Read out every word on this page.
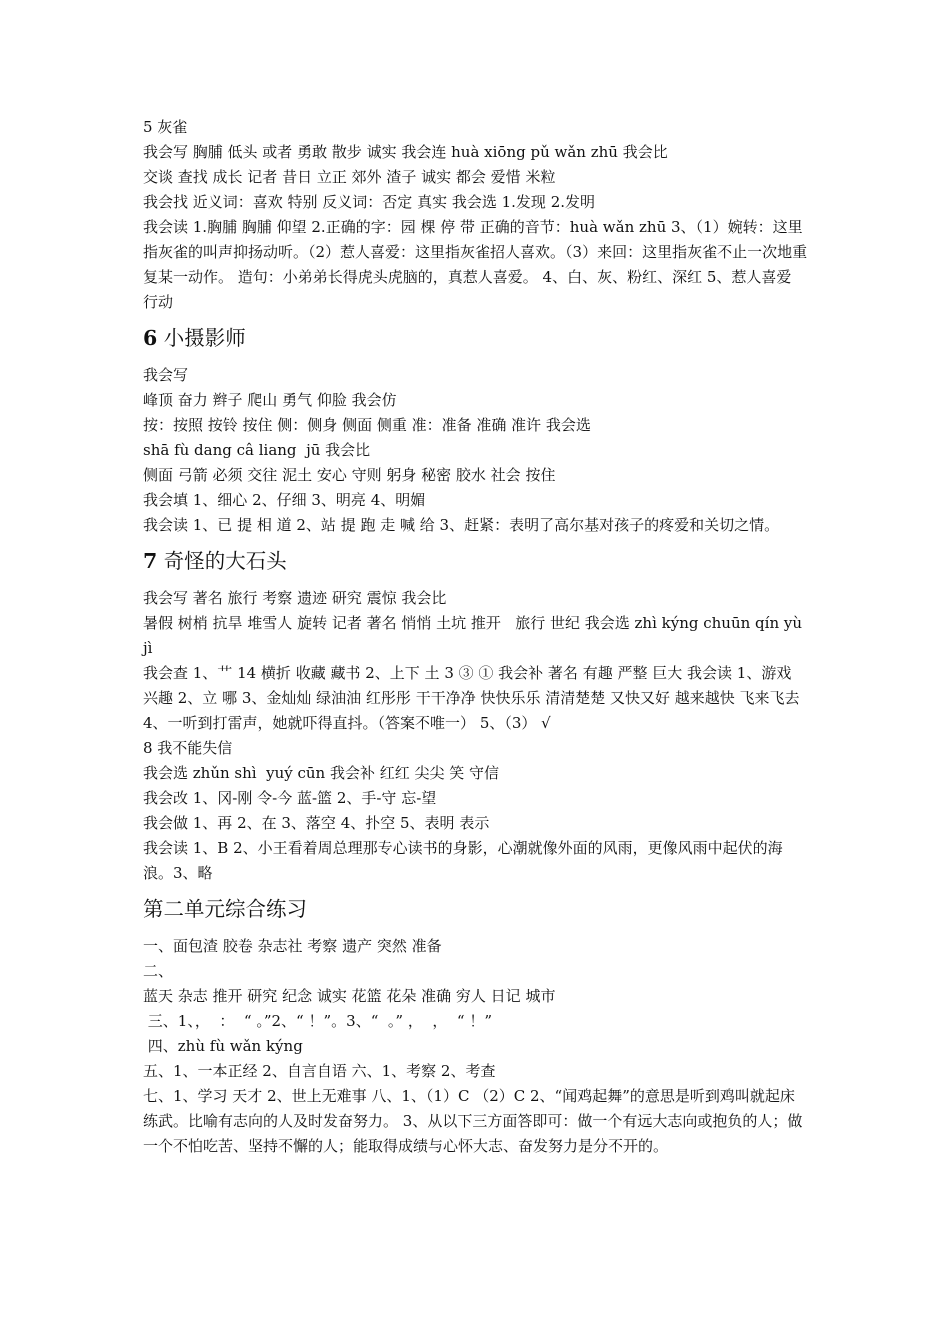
5 灰雀

我会写 胸脯 低头 或者 勇敢 散步 诚实 我会连 huà xiōng pǔ wǎn zhū 我会比

交谈 查找 成长 记者 昔日 立正 郊外 渣子 诚实 都会 爱惜 米粒

我会找 近义词：喜欢 特别 反义词：否定 真实 我会选 1.发现 2.发明

我会读 1.胸脯 胸脯 仰望 2.正确的字：园 棵 停 带 正确的音节：huà wǎn zhū 3、（1）婉转：这里指灰雀的叫声抑扬动听。（2）惹人喜爱：这里指灰雀招人喜欢。（3）来回：这里指灰雀不止一次地重复某一动作。 造句：小弟弟长得虎头虎脑的，真惹人喜爱。 4、白、灰、粉红、深红 5、惹人喜爱 行动

6 小摄影师

我会写

峰顶 奋力 辫子 爬山 勇气 仰脸 我会仿

按：按照 按铃 按住 侧：侧身 侧面 侧重 准：准备 准确 准许 我会选

shā fù dang câ liang  jū 我会比

侧面 弓箭 必须 交往 泥土 安心 守则 躬身 秘密 胶水 社会 按住

我会填 1、细心 2、仔细 3、明亮 4、明媚

我会读 1、已 提 相 道 2、站 提 跑 走 喊 给 3、赶紧：表明了高尔基对孩子的疼爱和关切之情。

7 奇怪的大石头

我会写 著名 旅行 考察 遗迹 研究 震惊 我会比

暑假 树梢 抗旱 堆雪人 旋转 记者 著名 悄悄 土坑 推开   旅行 世纪 我会选 zhì kýng chuūn qín yù jì

我会查 1、艹 14 横折 收藏 藏书 2、上下 土 3 ③ ① 我会补 著名 有趣 严整 巨大 我会读 1、游戏 兴趣 2、立 哪 3、金灿灿 绿油油 红彤彤 干干净净 快快乐乐 清清楚楚 又快又好 越来越快 飞来飞去 4、一听到打雷声，她就吓得直抖。（答案不唯一） 5、（3） √

8 我不能失信

我会选 zhǔn shì  yuý cūn 我会补 红红 尖尖 笑 守信

我会改 1、冈-刚 令-今 蓝-篮 2、手-守 忘-望

我会做 1、再 2、在 3、落空 4、扑空 5、表明 表示

我会读 1、B 2、小王看着周总理那专心读书的身影，心潮就像外面的风雨，更像风雨中起伏的海浪。3、略

第二单元综合练习

一、面包渣 胶卷 杂志社 考察 遗产 突然 准备

二、

蓝天 杂志 推开 研究 纪念 诚实 花篮 花朵 准确 穷人 日记 城市

三、1、，  ：  “ 。”2、“ ！”。3、“  。” ，  ，  “ ！”

四、zhù fù wǎn kýng

五、1、一本正经 2、自言自语 六、1、考察 2、考查

七、1、学习 天才 2、世上无难事 八、1、（1）C （2）C 2、“闻鸡起舞”的意思是听到鸡叫就起床练武。比喻有志向的人及时发奋努力。 3、从以下三方面答即可：做一个有远大志向或抱负的人；做一个不怕吃苦、坚持不懈的人；能取得成绩与心怀大志、奋发努力是分不开的。
